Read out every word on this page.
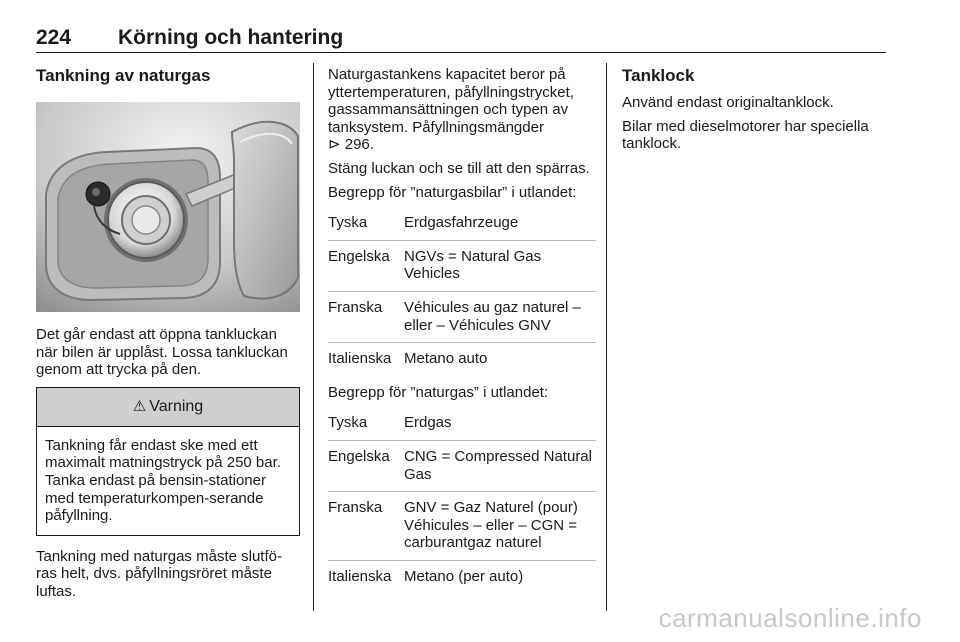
224 Körning och hantering
Tankning av naturgas

Det går endast att öppna tankluckan när bilen är upplåst. Lossa tankluckan genom att trycka på den.

⚠ Varning
Tankning får endast ske med ett maximalt matningstryck på 250 bar. Tanka endast på bensin-stationer med temperaturkompen-serande påfyllning.

Tankning med naturgas måste slutfö-ras helt, dvs. påfyllningsröret måste luftas.

Naturgastankens kapacitet beror på yttertemperaturen, påfyllningstrycket, gassammansättningen och typen av tanksystem. Påfyllningsmängder
⊳ 296.

Stäng luckan och se till att den spärras.

Begrepp för ”naturgasbilar” i utlandet:

Tyska	Erdgasfahrzeuge
Engelska NGVs = Natural Gas Vehicles
Franska	Véhicules au gaz naturel – eller – Véhicules GNV
Italienska Metano auto

Begrepp för ”naturgas” i utlandet:

Tyska	Erdgas
Engelska CNG = Compressed Natural Gas
Franska	GNV = Gaz Naturel (pour) Véhicules – eller – CGN = carburantgaz naturel
Italienska Metano (per auto)
Tanklock

Använd endast originaltanklock.

Bilar med dieselmotorer har speciella tanklock.

carmanualsonline.info
